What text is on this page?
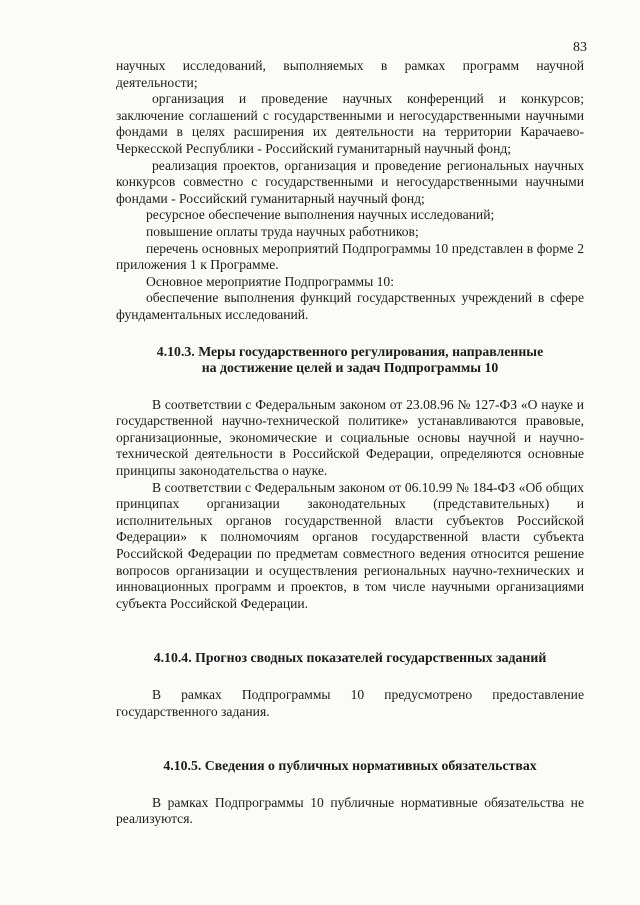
83

научных исследований, выполняемых в рамках программ научной деятельности;

организация и проведение научных конференций и конкурсов; заключение соглашений с государственными и негосударственными научными фондами в целях расширения их деятельности на территории Карачаево-Черкесской Республики - Российский гуманитарный научный фонд;

реализация проектов, организация и проведение региональных научных конкурсов совместно с государственными и негосударственными научными фондами - Российский гуманитарный научный фонд;

ресурсное обеспечение выполнения научных исследований;

повышение оплаты труда научных работников;

перечень основных мероприятий Подпрограммы 10 представлен в форме 2 приложения 1 к Программе.

Основное мероприятие Подпрограммы 10:

обеспечение выполнения функций государственных учреждений в сфере фундаментальных исследований.

4.10.3. Меры государственного регулирования, направленные
на достижение целей и задач Подпрограммы 10

В соответствии с Федеральным законом от 23.08.96 № 127-ФЗ «О науке и государственной научно-технической политике» устанавливаются правовые, организационные, экономические и социальные основы научной и научно-технической деятельности в Российской Федерации, определяются основные принципы законодательства о науке.

В соответствии с Федеральным законом от 06.10.99 № 184-ФЗ «Об общих принципах организации законодательных (представительных) и исполнительных органов государственной власти субъектов Российской Федерации» к полномочиям органов государственной власти субъекта Российской Федерации по предметам совместного ведения относится решение вопросов организации и осуществления региональных научно-технических и инновационных программ и проектов, в том числе научными организациями субъекта Российской Федерации.

4.10.4. Прогноз сводных показателей государственных заданий

В рамках Подпрограммы 10 предусмотрено предоставление государственного задания.

4.10.5. Сведения о публичных нормативных обязательствах

В рамках Подпрограммы 10 публичные нормативные обязательства не реализуются.
